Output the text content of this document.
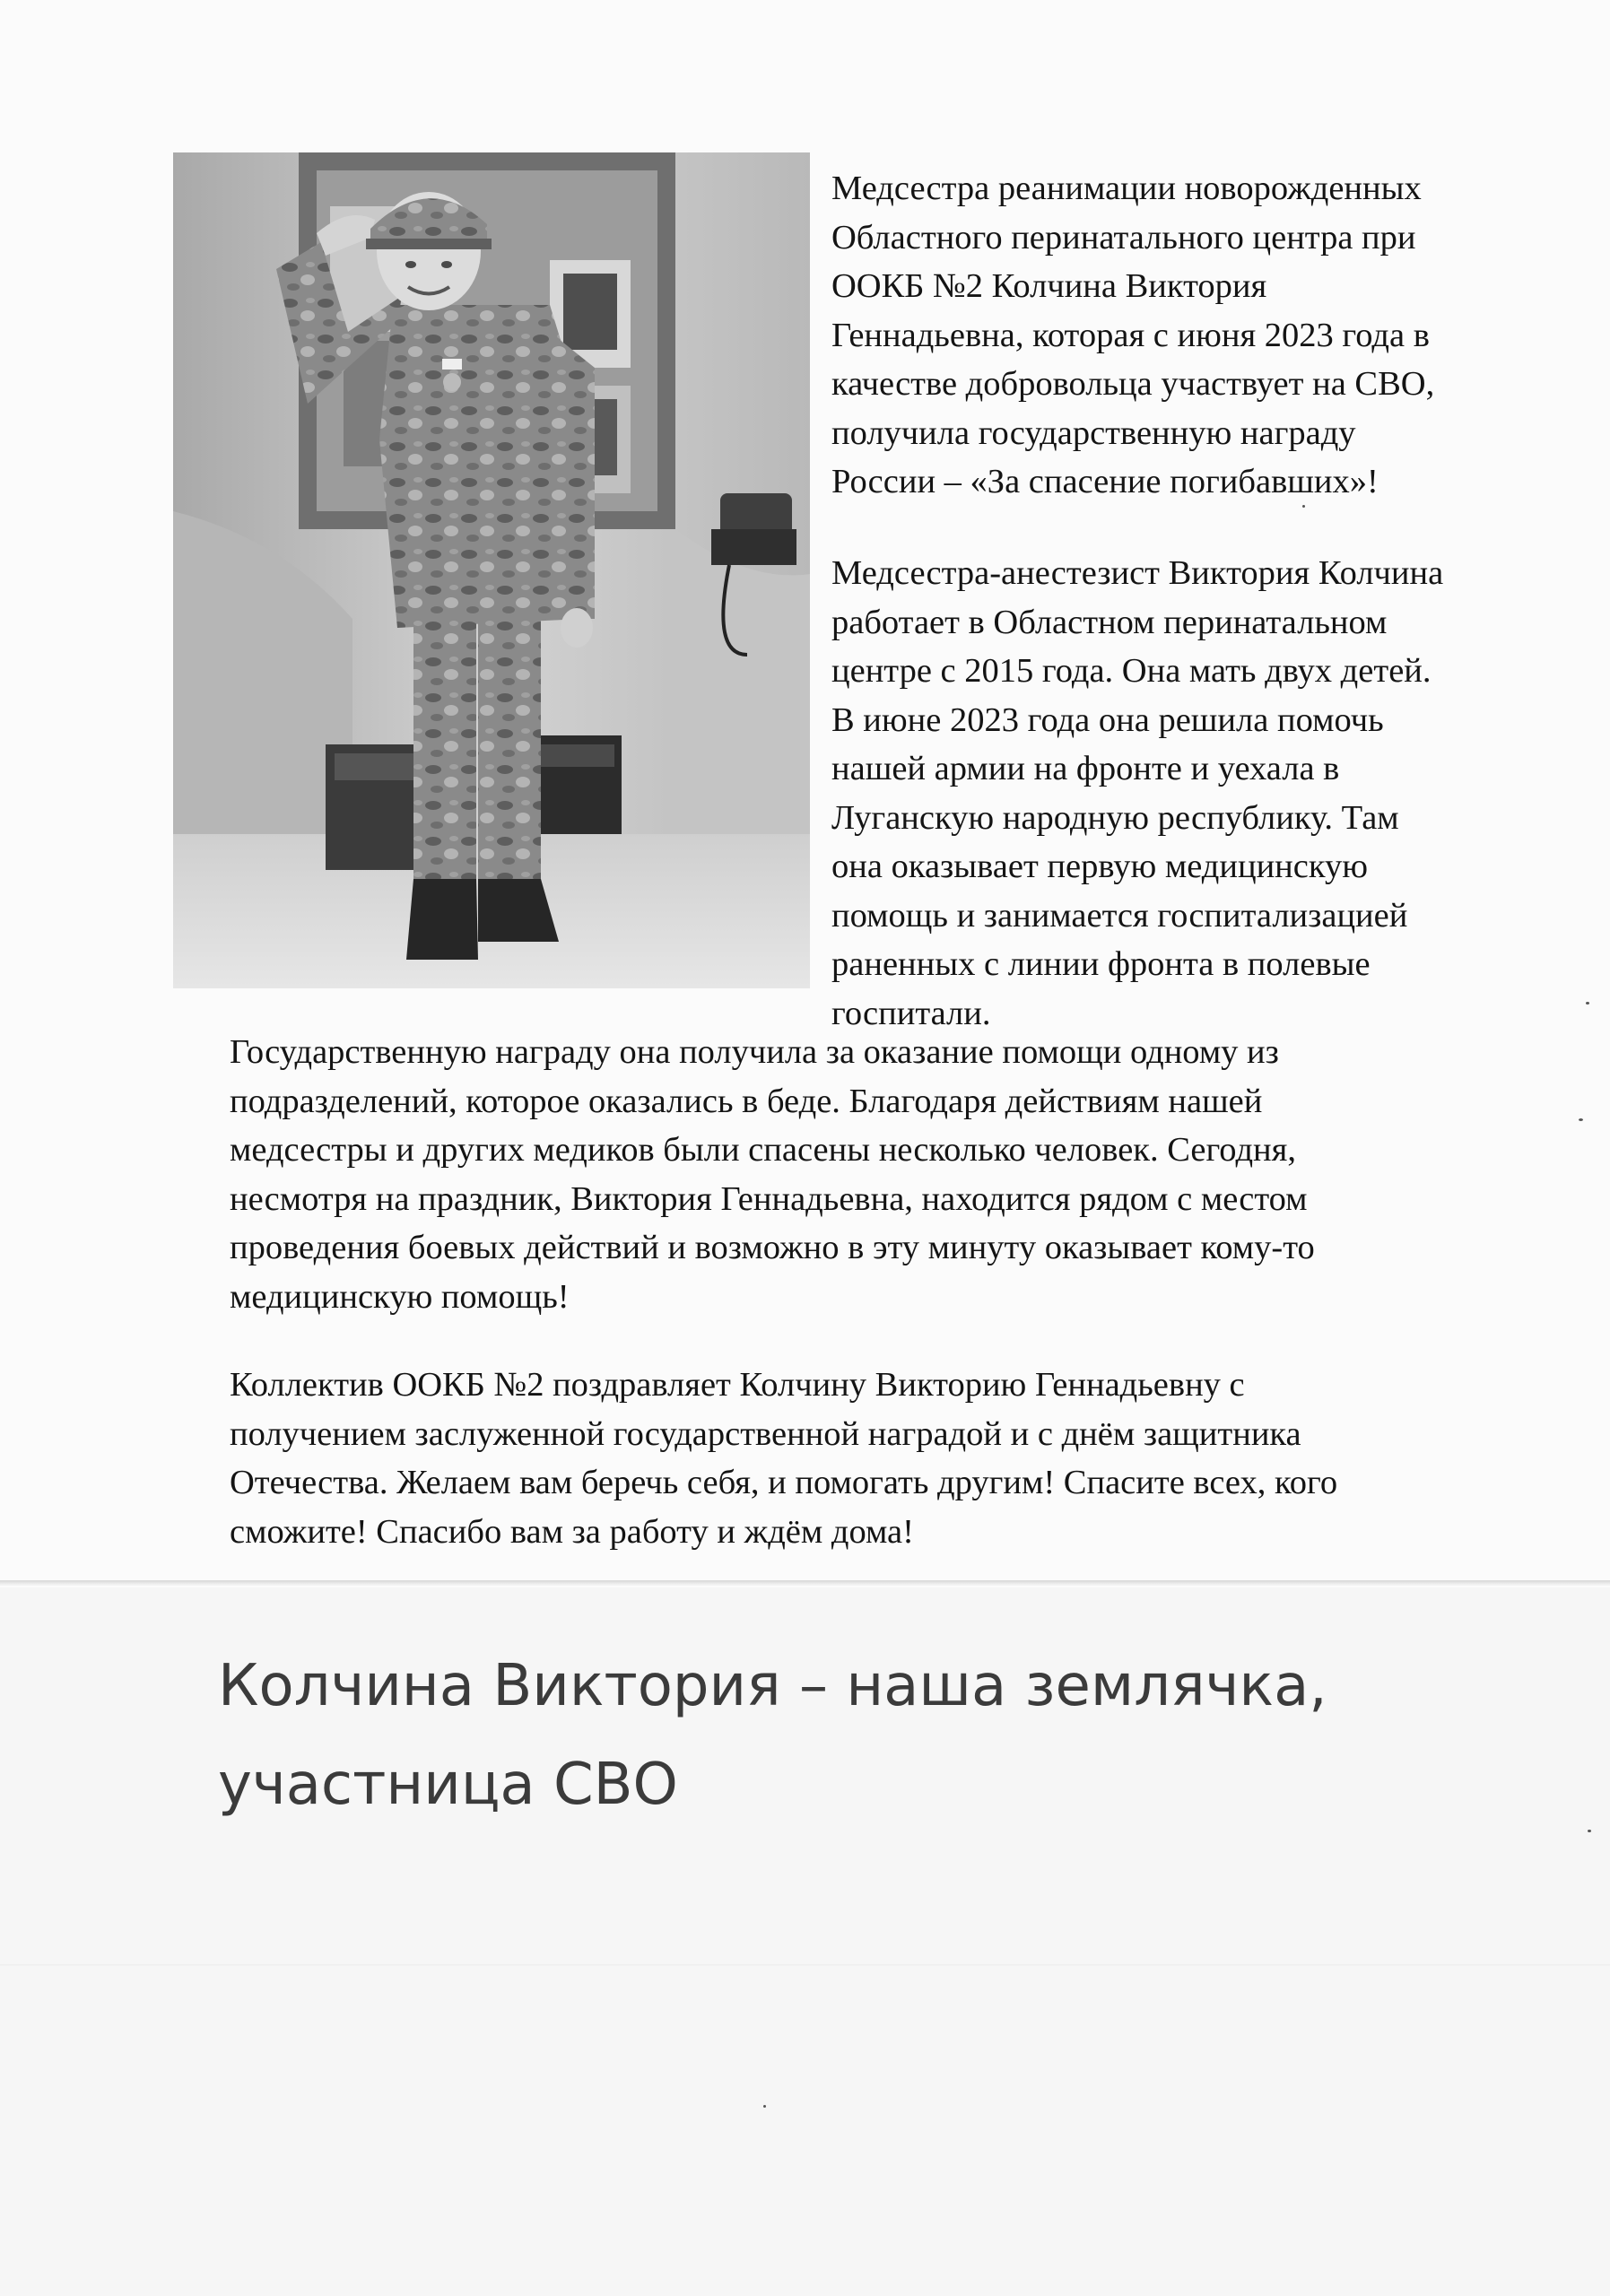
Медсестра реанимации новорожденных
Областного перинатального центра при
ООКБ №2 Колчина Виктория
Геннадьевна, которая с июня 2023 года в
качестве добровольца участвует на СВО,
получила государственную награду
России – «За спасение погибавших»!

Медсестра-анестезист Виктория Колчина
работает в Областном перинатальном
центре с 2015 года. Она мать двух детей.
В июне 2023 года она решила помочь
нашей армии на фронте и уехала в
Луганскую народную республику. Там
она оказывает первую медицинскую
помощь и занимается госпитализацией
раненных с линии фронта в полевые
госпитали.

Государственную награду она получила за оказание помощи одному из
подразделений, которое оказались в беде. Благодаря действиям нашей
медсестры и других медиков были спасены несколько человек. Сегодня,
несмотря на праздник, Виктория Геннадьевна, находится рядом с местом
проведения боевых действий и возможно в эту минуту оказывает кому-то
медицинскую помощь!

Коллектив ООКБ №2 поздравляет Колчину Викторию Геннадьевну с
получением заслуженной государственной наградой и с днём защитника
Отечества. Желаем вам беречь себя, и помогать другим! Спасите всех, кого
сможите! Спасибо вам за работу и ждём дома!

Колчина Виктория – наша землячка,
участница СВО
